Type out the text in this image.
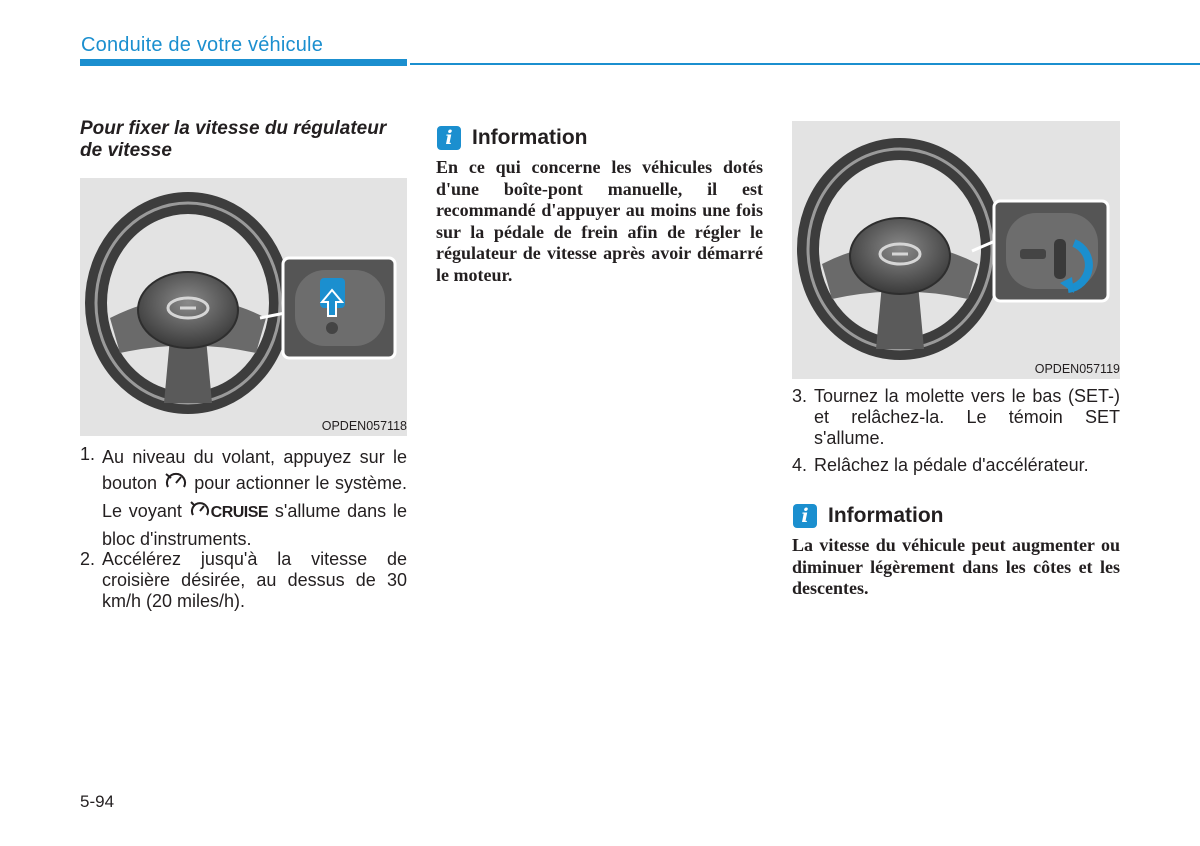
Conduite de votre véhicule
Pour fixer la vitesse du régulateur de vitesse
OPDEN057118
1. Au niveau du volant, appuyez sur le bouton pour actionner le système. Le voyant CRUISE s'allume dans le bloc d'instruments.
2. Accélérez jusqu'à la vitesse de croisière désirée, au dessus de 30 km/h (20 miles/h).
i Information
En ce qui concerne les véhicules dotés d'une boîte-pont manuelle, il est recommandé d'appuyer au moins une fois sur la pédale de frein afin de régler le régulateur de vitesse après avoir démarré le moteur.
OPDEN057119
3. Tournez la molette vers le bas (SET-) et relâchez-la. Le témoin SET s'allume.
4. Relâchez la pédale d'accélérateur.
i Information
La vitesse du véhicule peut augmenter ou diminuer légèrement dans les côtes et les descentes.
5-94
